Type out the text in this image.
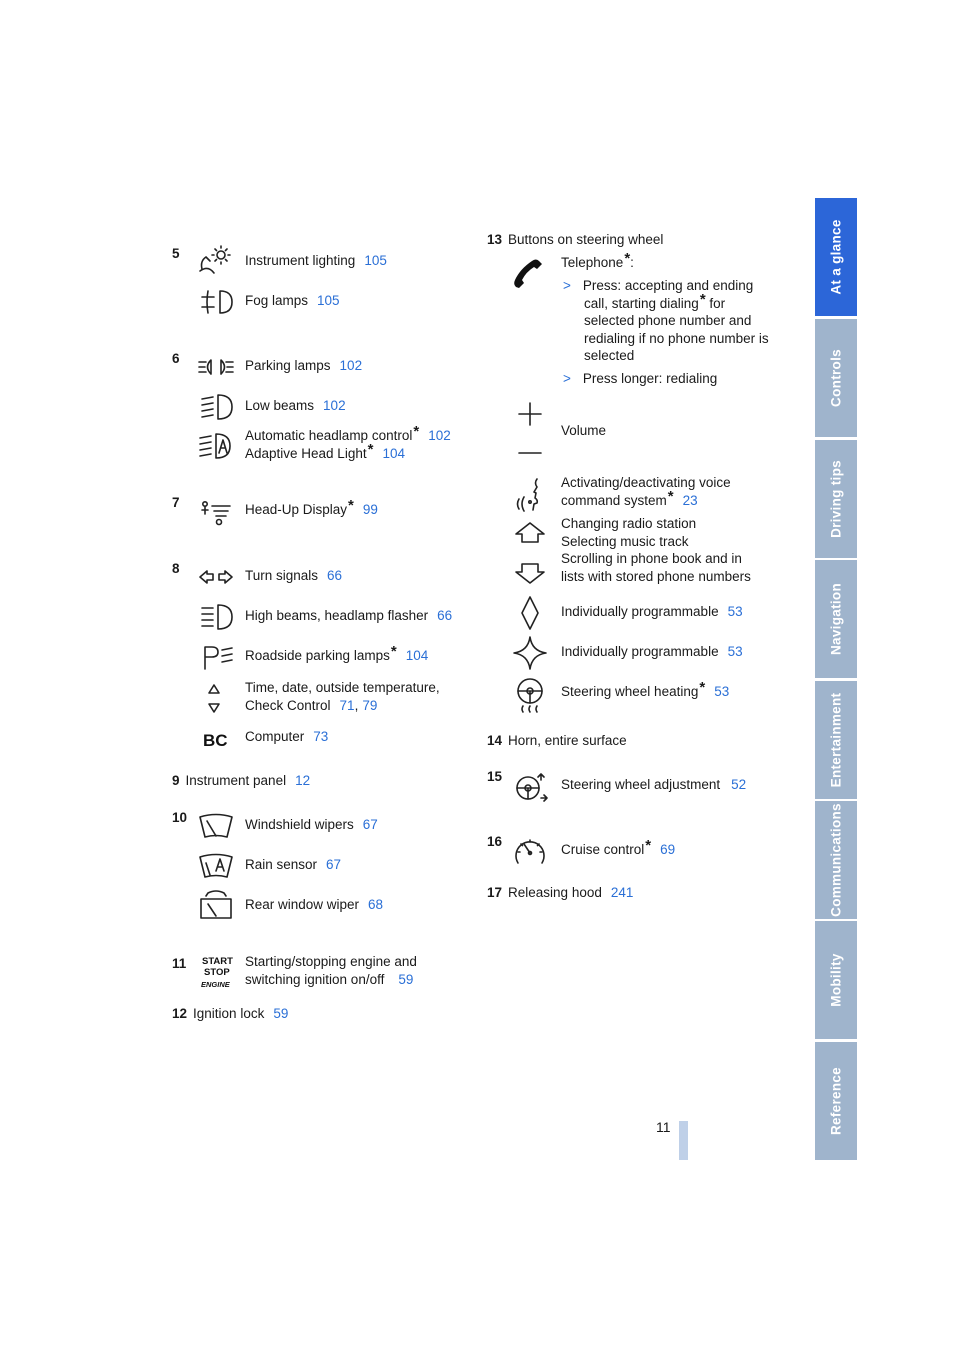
5	Instrument lighting 105
Fog lamps 105
6	Parking lamps 102
Low beams 102
Automatic headlamp control* 102
Adaptive Head Light* 104
7	Head-Up Display* 99
8	Turn signals 66
High beams, headlamp flasher 66
Roadside parking lamps* 104
Time, date, outside temperature,
Check Control 71, 79
BC Computer 73
9 Instrument panel 12
10	Windshield wipers 67
Rain sensor 67
Rear window wiper 68
11 START
STOP
ENGINE
Starting/stopping engine and
switching ignition on/off 59
12 Ignition lock 59
13 Buttons on steering wheel
Telephone*:
> Press: accepting and ending
call, starting dialing* for
selected phone number and
redialing if no phone number is
selected
> Press longer: redialing
Volume
Activating/deactivating voice
command system* 23
Changing radio station
Selecting music track
Scrolling in phone book and in
lists with stored phone numbers
Individually programmable 53
Individually programmable 53
Steering wheel heating* 53
14 Horn, entire surface
15
Steering wheel adjustment 52
16
Cruise control* 69
17 Releasing hood 241
At a glance
Controls
Driving tips
Navigation
Entertainment
Communications
Mobility
Reference
11
